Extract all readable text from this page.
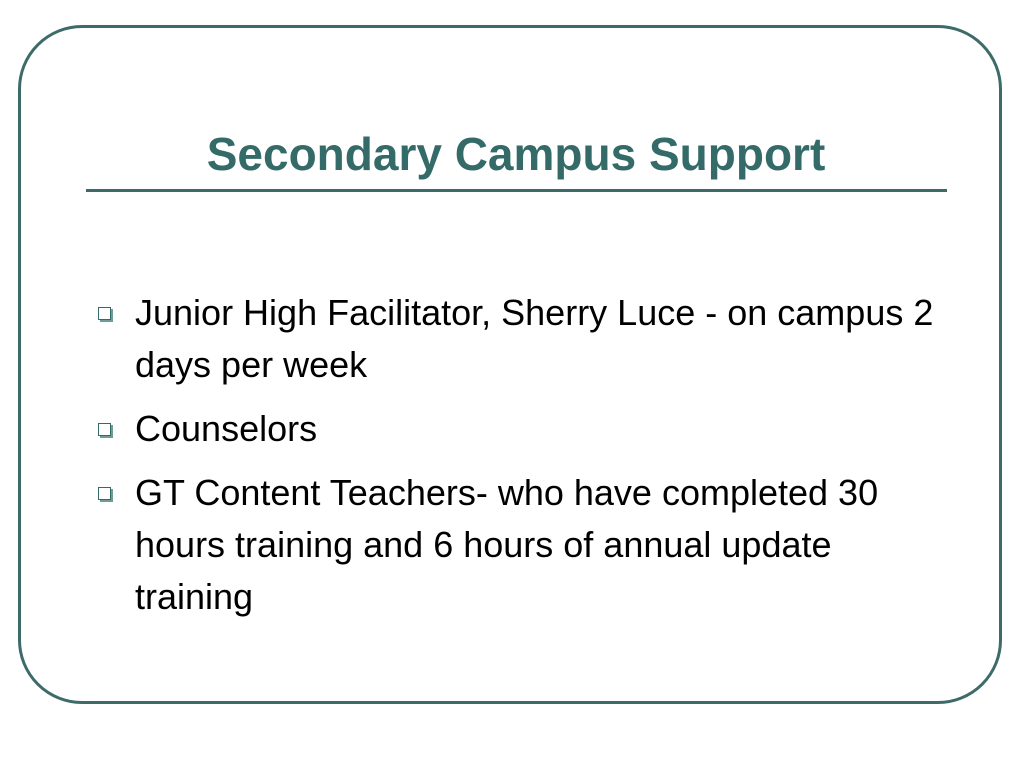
Secondary Campus Support
Junior High Facilitator, Sherry Luce - on campus 2 days per week
Counselors
GT Content Teachers- who have completed 30 hours training and 6 hours of annual update training
